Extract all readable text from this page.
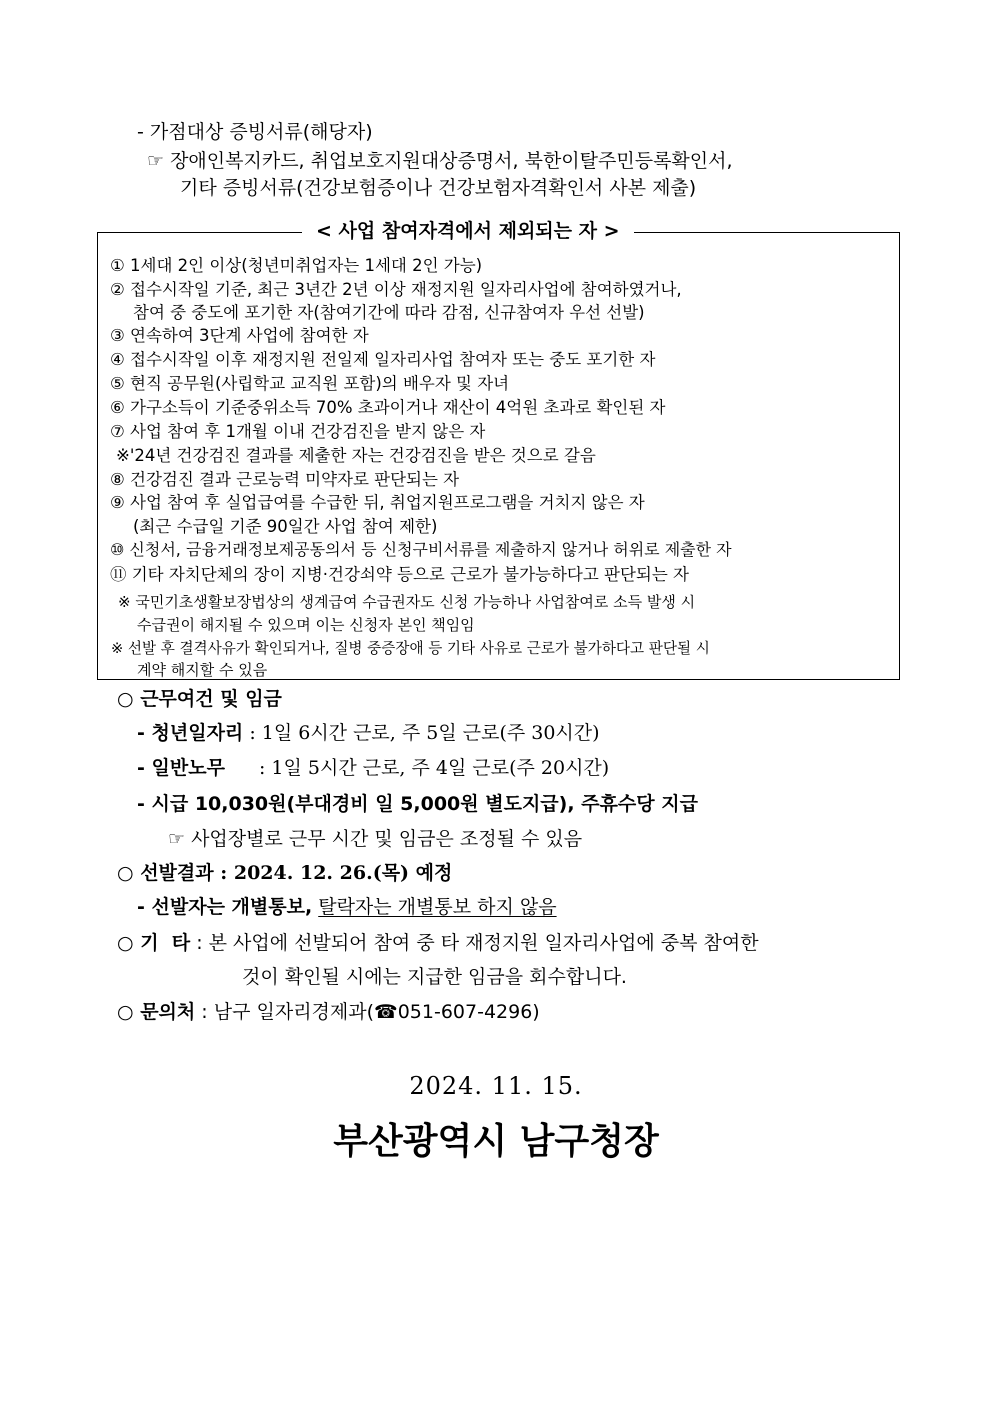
- 가점대상 증빙서류(해당자)
☞ 장애인복지카드, 취업보호지원대상증명서, 북한이탈주민등록확인서,
기타 증빙서류(건강보험증이나 건강보험자격확인서 사본 제출)
< 사업 참여자격에서 제외되는 자 >
① 1세대 2인 이상(청년미취업자는 1세대 2인 가능)
② 접수시작일 기준, 최근 3년간 2년 이상 재정지원 일자리사업에 참여하였거나,
참여 중 중도에 포기한 자(참여기간에 따라 감점, 신규참여자 우선 선발)
③ 연속하여 3단계 사업에 참여한 자
④ 접수시작일 이후 재정지원 전일제 일자리사업 참여자 또는 중도 포기한 자
⑤ 현직 공무원(사립학교 교직원 포함)의 배우자 및 자녀
⑥ 가구소득이 기준중위소득 70% 초과이거나 재산이 4억원 초과로 확인된 자
⑦ 사업 참여 후 1개월 이내 건강검진을 받지 않은 자
※'24년 건강검진 결과를 제출한 자는 건강검진을 받은 것으로 갈음
⑧ 건강검진 결과 근로능력 미약자로 판단되는 자
⑨ 사업 참여 후 실업급여를 수급한 뒤, 취업지원프로그램을 거치지 않은 자
(최근 수급일 기준 90일간 사업 참여 제한)
⑩ 신청서, 금융거래정보제공동의서 등 신청구비서류를 제출하지 않거나 허위로 제출한 자
⑪ 기타 자치단체의 장이 지병·건강쇠약 등으로 근로가 불가능하다고 판단되는 자
※ 국민기초생활보장법상의 생계급여 수급권자도 신청 가능하나 사업참여로 소득 발생 시
수급권이 해지될 수 있으며 이는 신청자 본인 책임임
※ 선발 후 결격사유가 확인되거나, 질병 중증장애 등 기타 사유로 근로가 불가하다고 판단될 시
계약 해지할 수 있음
○ 근무여건 및 임금
- 청년일자리 : 1일 6시간 근로, 주 5일 근로(주 30시간)
- 일반노무 : 1일 5시간 근로, 주 4일 근로(주 20시간)
- 시급 10,030원(부대경비 일 5,000원 별도지급), 주휴수당 지급
☞ 사업장별로 근무 시간 및 임금은 조정될 수 있음
○ 선발결과 : 2024. 12. 26.(목) 예정
- 선발자는 개별통보, 탈락자는 개별통보 하지 않음
○ 기  타 : 본 사업에 선발되어 참여 중 타 재정지원 일자리사업에 중복 참여한
것이 확인될 시에는 지급한 임금을 회수합니다.
○ 문의처 : 남구 일자리경제과(☎051-607-4296)
2024. 11. 15.
부산광역시 남구청장
